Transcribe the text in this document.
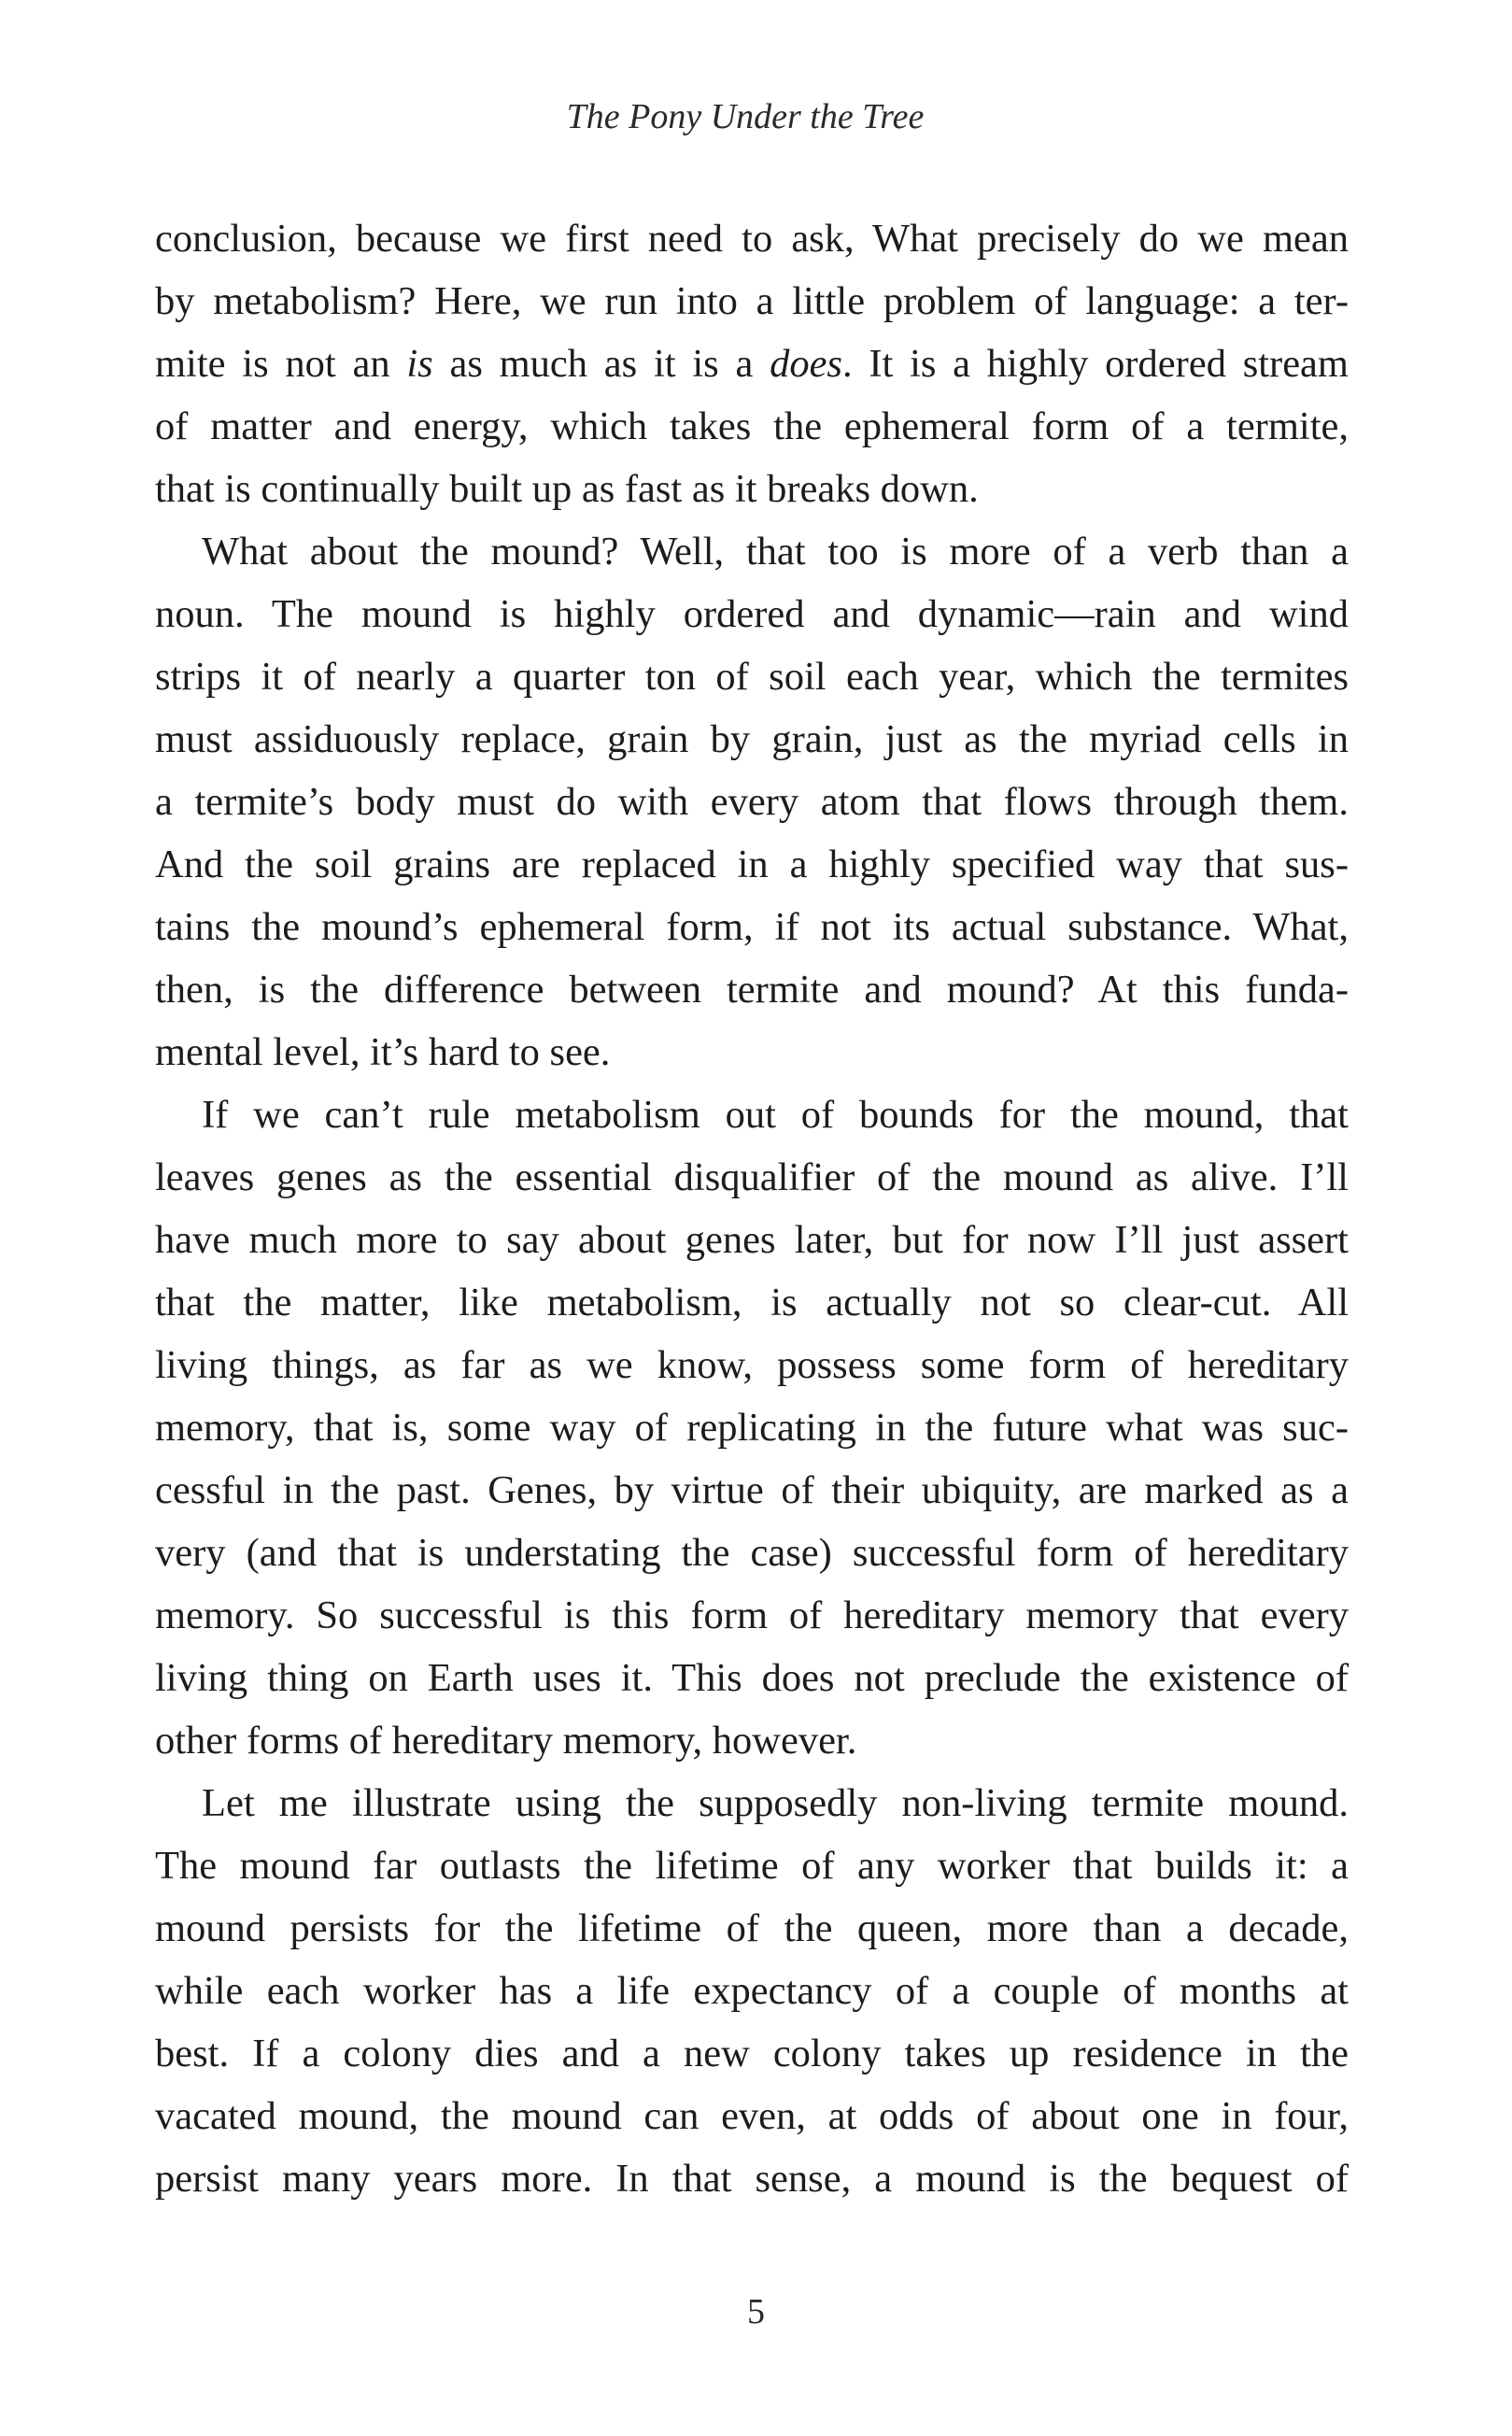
The Pony Under the Tree
conclusion, because we first need to ask, What precisely do we mean
by metabolism? Here, we run into a little problem of language: a ter-
mite is not an is as much as it is a does. It is a highly ordered stream
of matter and energy, which takes the ephemeral form of a termite,
that is continually built up as fast as it breaks down.
What about the mound? Well, that too is more of a verb than a
noun. The mound is highly ordered and dynamic—rain and wind
strips it of nearly a quarter ton of soil each year, which the termites
must assiduously replace, grain by grain, just as the myriad cells in
a termite’s body must do with every atom that flows through them.
And the soil grains are replaced in a highly specified way that sus-
tains the mound’s ephemeral form, if not its actual substance. What,
then, is the difference between termite and mound? At this funda-
mental level, it’s hard to see.
If we can’t rule metabolism out of bounds for the mound, that
leaves genes as the essential disqualifier of the mound as alive. I’ll
have much more to say about genes later, but for now I’ll just assert
that the matter, like metabolism, is actually not so clear-cut. All
living things, as far as we know, possess some form of hereditary
memory, that is, some way of replicating in the future what was suc-
cessful in the past. Genes, by virtue of their ubiquity, are marked as a
very (and that is understating the case) successful form of hereditary
memory. So successful is this form of hereditary memory that every
living thing on Earth uses it. This does not preclude the existence of
other forms of hereditary memory, however.
Let me illustrate using the supposedly non-living termite mound.
The mound far outlasts the lifetime of any worker that builds it: a
mound persists for the lifetime of the queen, more than a decade,
while each worker has a life expectancy of a couple of months at
best. If a colony dies and a new colony takes up residence in the
vacated mound, the mound can even, at odds of about one in four,
persist many years more. In that sense, a mound is the bequest of
5
